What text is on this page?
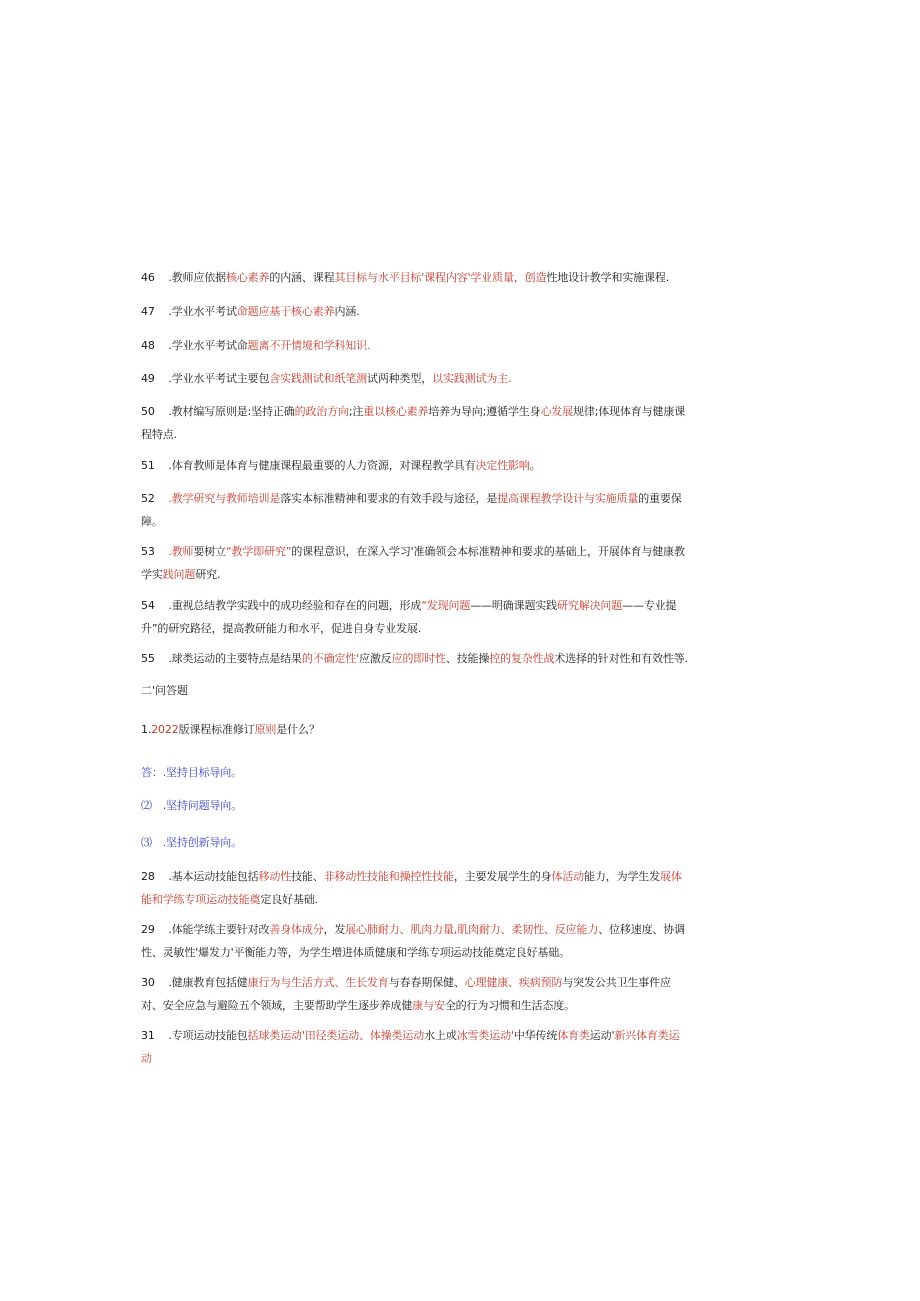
46 .教师应依据核心素养的内涵、课程其目标与水平目标'课程内容'学业质量，创造性地设计教学和实施课程.

47 .学业水平考试命题应基于核心素养内涵.

48 .学业水平考试命题离不开情境和学科知识.

49 .学业水平考试主要包含实践测试和纸笔测试两种类型，以实践测试为主.

50 .教材编写原则是:坚持正确的政治方向;注重以核心素养培养为导向;遵循学生身心发展规律;体现体育与健康课程特点.

51 .体育教师是体育与健康课程最重要的人力资源，对课程教学具有决定性影响。

52 .教学研究与教师培训是落实本标准精神和要求的有效手段与途径，是提高课程教学设计与实施质量的重要保障。

53 .教师要树立“教学即研究”的课程意识，在深入学习'准确领会本标准精神和要求的基础上，开展体育与健康教学实践问题研究.

54 .重视总结教学实践中的成功经验和存在的问题，形成“发现问题——明确课题实践研究解决问题——专业提升”的研究路径，提高教研能力和水平，促进自身专业发展.

55 .球类运动的主要特点是结果的不确定性'应激反应的即时性、技能操控的复杂性战术选择的针对性和有效性等.

二'问答题

1.2022版课程标准修订原则是什么？

答：.坚持目标导向。

⑵　.坚持问题导向。

⑶　.坚持创新导向。

28 .基本运动技能包括移动性技能、非移动性技能和操控性技能，主要发展学生的身体活动能力，为学生发展体能和学练专项运动技能奠定良好基础.

29 .体能学练主要针对改善身体成分，发展心肺耐力、肌肉力量,肌肉耐力、柔韧性、反应能力、位移速度、协调性、灵敏性'爆发力'平衡能力等，为学生增进体质健康和学练专项运动技能奠定良好基础。

30 .健康教育包括健康行为与生活方式、生长发育与春春期保健、心理健康、疾病预防与突发公共卫生事件应对、安全应急与避险五个领域，主要帮助学生逐步养成健康与安全的行为习惯和生活态度。

31 .专项运动技能包括球类运动'田径类运动、体操类运动水上或冰雪类运动'中华传统体育类运动'新兴体育类运动
